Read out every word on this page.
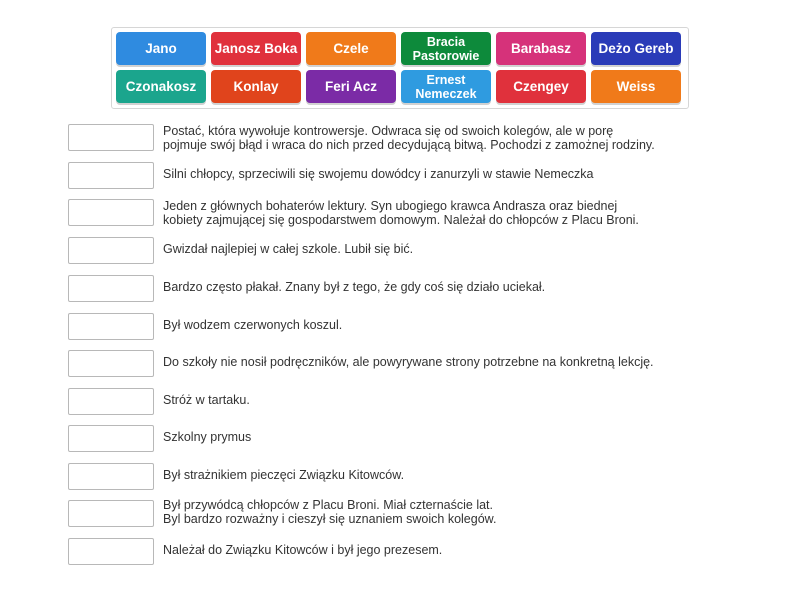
Jano	Janosz Boka	Czele	Bracia Pastorowie	Barabasz	Deżo Gereb
Czonakosz	Konlay	Feri Acz	Ernest Nemeczek	Czengey	Weiss
Postać, która wywołuje kontrowersje. Odwraca się od swoich kolegów, ale w porę
pojmuje swój błąd i wraca do nich przed decydującą bitwą. Pochodzi z zamożnej rodziny.
Silni chłopcy, sprzeciwili się swojemu dowódcy i zanurzyli w stawie Nemeczka
Jeden z głównych bohaterów lektury. Syn ubogiego krawca Andrasza oraz biednej
kobiety zajmującej się gospodarstwem domowym. Należał do chłopców z Placu Broni.
Gwizdał najlepiej w całej szkole. Lubił się bić.
Bardzo często płakał. Znany był z tego, że gdy coś się działo uciekał.
Był wodzem czerwonych koszul.
Do szkoły nie nosił podręczników, ale powyrywane strony potrzebne na konkretną lekcję.
Stróż w tartaku.
Szkolny prymus
Był strażnikiem pieczęci Związku Kitowców.
Był przywódcą chłopców z Placu Broni. Miał czternaście lat.
Byl bardzo rozważny i cieszył się uznaniem swoich kolegów.
Należał do Związku Kitowców i był jego prezesem.
